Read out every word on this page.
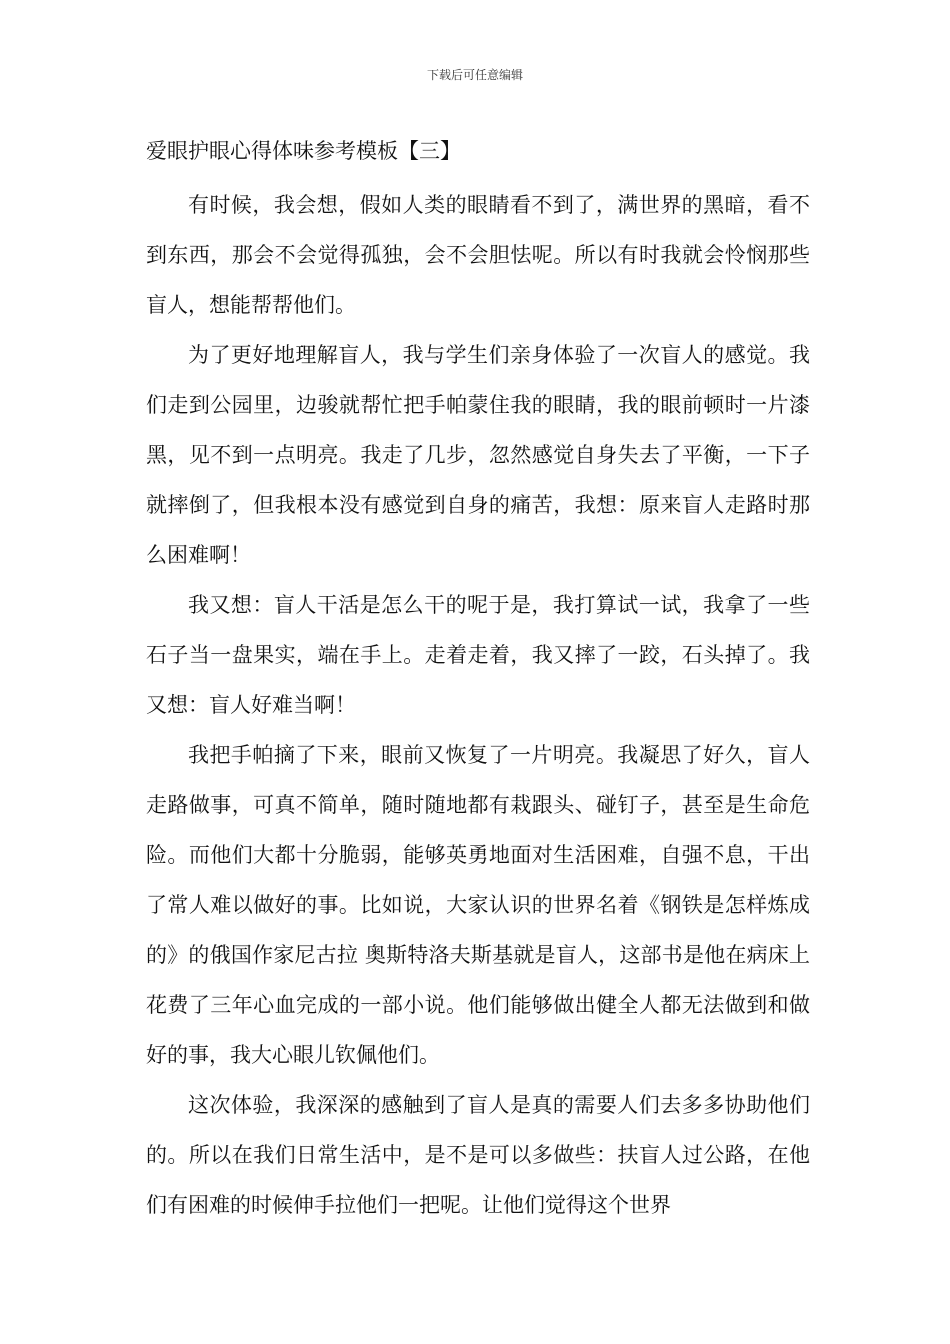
下载后可任意编辑
爱眼护眼心得体味参考模板【三】

有时候，我会想，假如人类的眼睛看不到了，满世界的黑暗，看不到东西，那会不会觉得孤独，会不会胆怯呢。所以有时我就会怜悯那些盲人，想能帮帮他们。

为了更好地理解盲人，我与学生们亲身体验了一次盲人的感觉。我们走到公园里，边骏就帮忙把手帕蒙住我的眼睛，我的眼前顿时一片漆黑，见不到一点明亮。我走了几步，忽然感觉自身失去了平衡，一下子就摔倒了，但我根本没有感觉到自身的痛苦，我想：原来盲人走路时那么困难啊！

我又想：盲人干活是怎么干的呢于是，我打算试一试，我拿了一些石子当一盘果实，端在手上。走着走着，我又摔了一跤，石头掉了。我又想：盲人好难当啊！

我把手帕摘了下来，眼前又恢复了一片明亮。我凝思了好久，盲人走路做事，可真不简单，随时随地都有栽跟头、碰钉子，甚至是生命危险。而他们大都十分脆弱，能够英勇地面对生活困难，自强不息，干出了常人难以做好的事。比如说，大家认识的世界名着《钢铁是怎样炼成的》的俄国作家尼古拉 奥斯特洛夫斯基就是盲人，这部书是他在病床上花费了三年心血完成的一部小说。他们能够做出健全人都无法做到和做好的事，我大心眼儿钦佩他们。

这次体验，我深深的感触到了盲人是真的需要人们去多多协助他们的。所以在我们日常生活中，是不是可以多做些：扶盲人过公路，在他们有困难的时候伸手拉他们一把呢。让他们觉得这个世界
